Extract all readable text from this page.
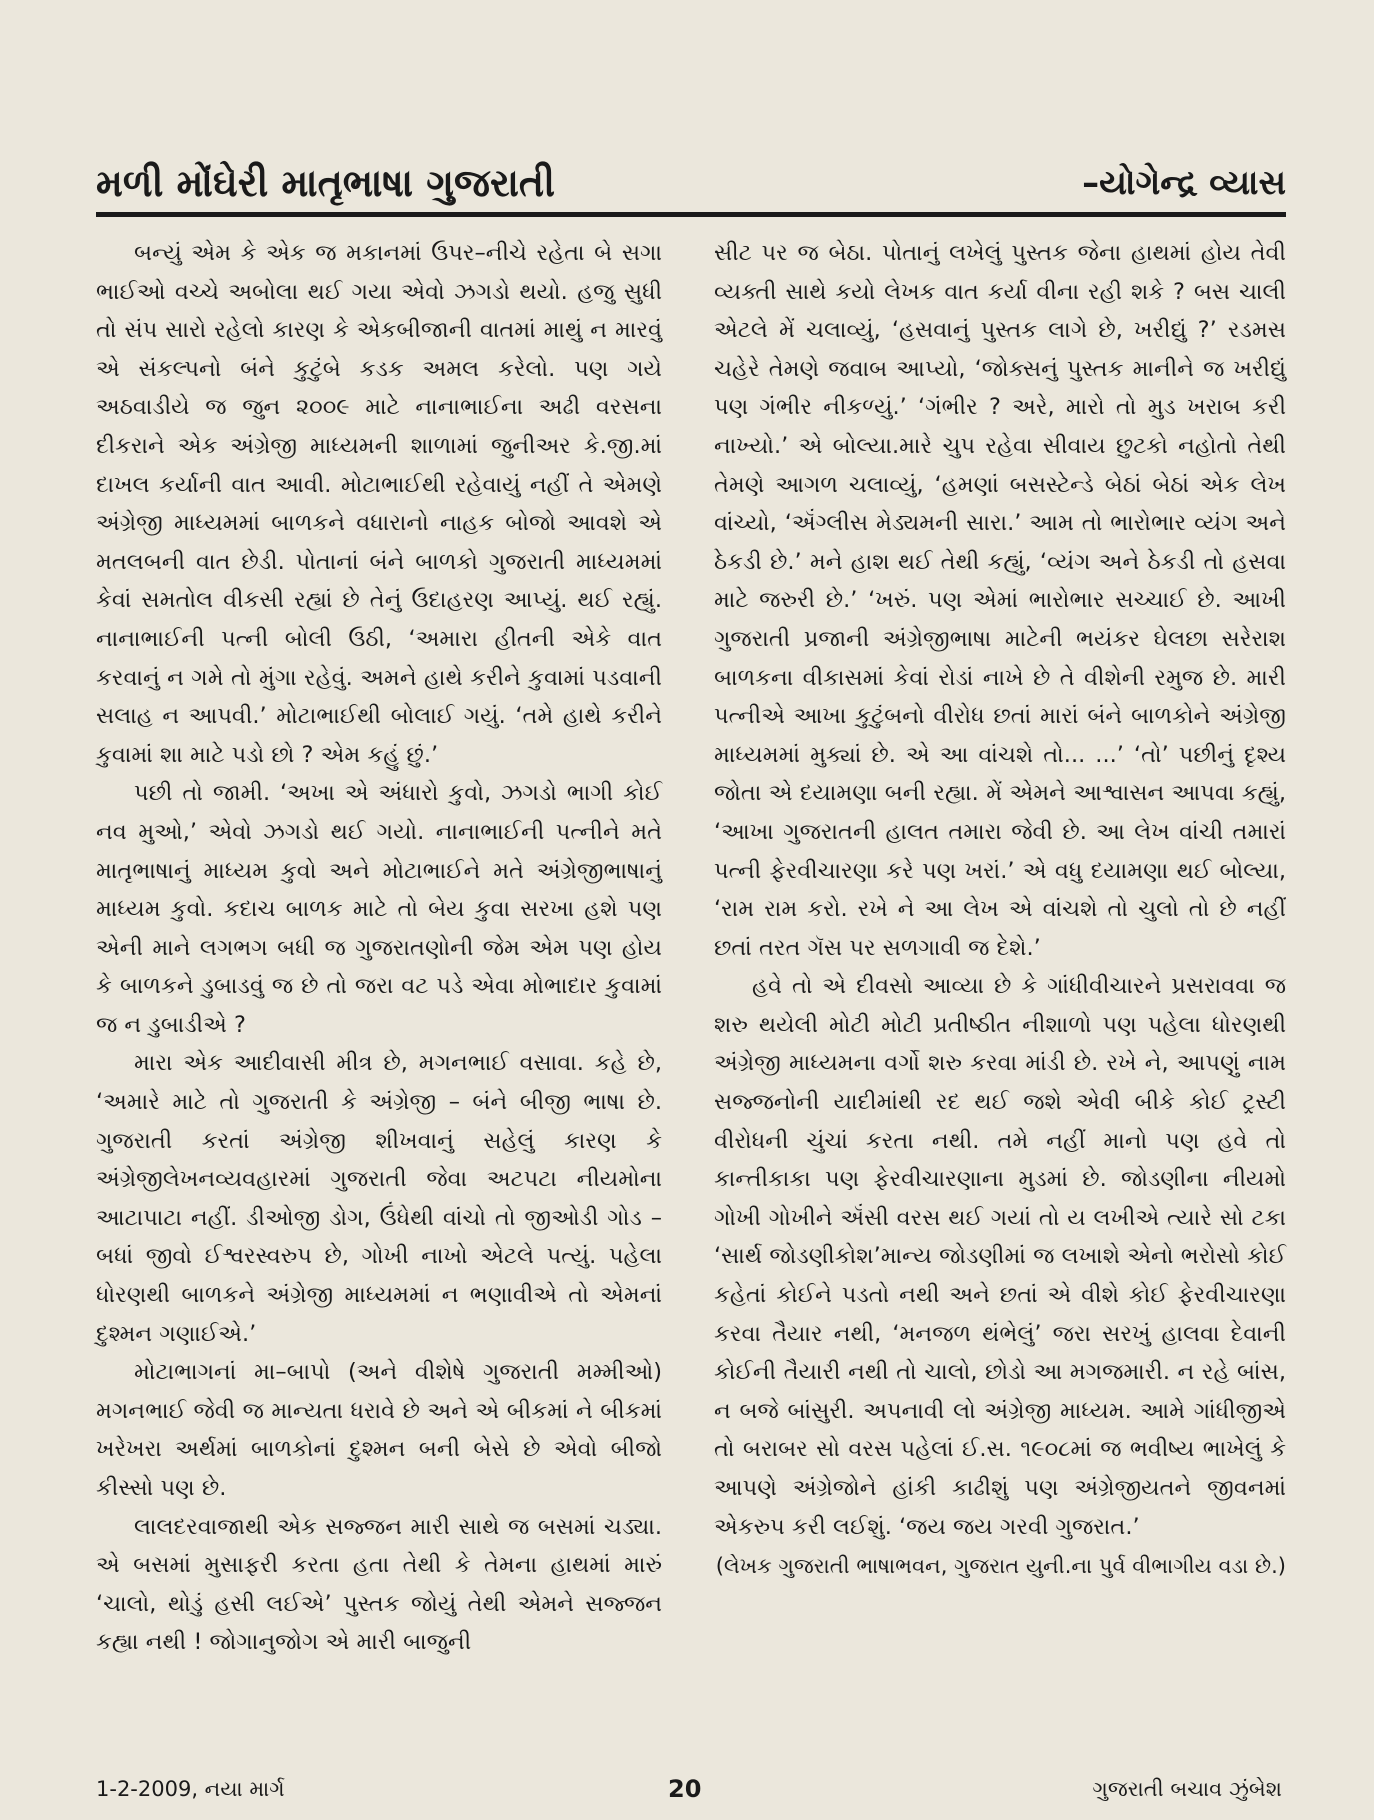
મળી મોંઘેરી માતૃભાષા ગુજરાતી	–યોગેન્દ્ર વ્યાસ

બન્યું એમ કે એક જ મકાનમાં ઉપર–નીચે રહેતા બે સગા ભાઈઓ વચ્ચે અબોલા થઈ ગયા એવો ઝગડો થયો. હજુ સુધી તો સંપ સારો રહેલો કારણ કે એકબીજાની વાતમાં માથું ન મારવું એ સંકલ્પનો બંને કુટુંબે કડક અમલ કરેલો. પણ ગયે અઠવાડીયે જ જુન ૨૦૦૯ માટે નાનાભાઈના અઢી વરસના દીકરાને એક અંગ્રેજી માધ્યમની શાળામાં જુનીઅર કે.જી.માં દાખલ કર્યાની વાત આવી. મોટાભાઈથી રહેવાયું નહીં તે એમણે અંગ્રેજી માધ્યમમાં બાળકને વધારાનો નાહક બોજો આવશે એ મતલબની વાત છેડી. પોતાનાં બંને બાળકો ગુજરાતી માધ્યમમાં કેવાં સમતોલ વીકસી રહ્યાં છે તેનું ઉદાહરણ આપ્યું. થઈ રહ્યું. નાનાભાઈની પત્ની બોલી ઉઠી, ‘અમારા હીતની એકે વાત કરવાનું ન ગમે તો મુંગા રહેવું. અમને હાથે કરીને કુવામાં પડવાની સલાહ ન આપવી.’ મોટાભાઈથી બોલાઈ ગયું. ‘તમે હાથે કરીને કુવામાં શા માટે પડો છો ? એમ કહું છું.’

પછી તો જામી. ‘અખા એ અંધારો કુવો, ઝગડો ભાગી કોઈ નવ મુઓ,’ એવો ઝગડો થઈ ગયો. નાનાભાઈની પત્નીને મતે માતૃભાષાનું માધ્યમ કુવો અને મોટાભાઈને મતે અંગ્રેજીભાષાનું માધ્યમ કુવો. કદાચ બાળક માટે તો બેય કુવા સરખા હશે પણ એની માને લગભગ બધી જ ગુજરાતણોની જેમ એમ પણ હોય કે બાળકને ડુબાડવું જ છે તો જરા વટ પડે એવા મોભાદાર કુવામાં જ ન ડુબાડીએ ?

મારા એક આદીવાસી મીત્ર છે, મગનભાઈ વસાવા. કહે છે, ‘અમારે માટે તો ગુજરાતી કે અંગ્રેજી – બંને બીજી ભાષા છે. ગુજરાતી કરતાં અંગ્રેજી શીખવાનું સહેલું કારણ કે અંગ્રેજીલેખનવ્યવહારમાં ગુજરાતી જેવા અટપટા નીયમોના આટાપાટા નહીં. ડીઓજી ડોગ, ઉંધેથી વાંચો તો જીઓડી ગોડ – બધાં જીવો ઈશ્વરસ્વરુપ છે, ગોખી નાખો એટલે પત્યું. પહેલા ધોરણથી બાળકને અંગ્રેજી માધ્યમમાં ન ભણાવીએ તો એમનાં દુશ્મન ગણાઈએ.’

મોટાભાગનાં મા–બાપો (અને વીશેષે ગુજરાતી મમ્મીઓ) મગનભાઈ જેવી જ માન્યતા ધરાવે છે અને એ બીકમાં ને બીકમાં ખરેખરા અર્થમાં બાળકોનાં દુશ્મન બની બેસે છે એવો બીજો કીસ્સો પણ છે.

લાલદરવાજાથી એક સજ્જન મારી સાથે જ બસમાં ચડ્યા. એ બસમાં મુસાફરી કરતા હતા તેથી કે તેમના હાથમાં મારું ‘ચાલો, થોડું હસી લઈએ’ પુસ્તક જોયું તેથી એમને સજ્જન કહ્યા નથી ! જોગાનુજોગ એ મારી બાજુની

સીટ પર જ બેઠા. પોતાનું લખેલું પુસ્તક જેના હાથમાં હોય તેવી વ્યક્તી સાથે કયો લેખક વાત કર્યા વીના રહી શકે ? બસ ચાલી એટલે મેં ચલાવ્યું, ‘હસવાનું પુસ્તક લાગે છે, ખરીદ્યું ?’ રડમસ ચહેરે તેમણે જવાબ આપ્યો, ‘જોક્સનું પુસ્તક માનીને જ ખરીદ્યું પણ ગંભીર નીકળ્યું.’ ‘ગંભીર ? અરે, મારો તો મુડ ખરાબ કરી નાખ્યો.’ એ બોલ્યા.મારે ચુપ રહેવા સીવાય છુટકો નહોતો તેથી તેમણે આગળ ચલાવ્યું, ‘હમણાં બસસ્ટેન્ડે બેઠાં બેઠાં એક લેખ વાંચ્યો, ‘ઍંગ્લીસ મેડ્યમની સારા.’ આમ તો ભારોભાર વ્યંગ અને ઠેકડી છે.’ મને હાશ થઈ તેથી કહ્યું, ‘વ્યંગ અને ઠેકડી તો હસવા માટે જરુરી છે.’ ‘ખરું. પણ એમાં ભારોભાર સચ્ચાઈ છે. આખી ગુજરાતી પ્રજાની અંગ્રેજીભાષા માટેની ભયંકર ઘેલછા સરેરાશ બાળકના વીકાસમાં કેવાં રોડાં નાખે છે તે વીશેની રમુજ છે. મારી પત્નીએ આખા કુટુંબનો વીરોધ છતાં મારાં બંને બાળકોને અંગ્રેજી માધ્યમમાં મુક્યાં છે. એ આ વાંચશે તો... ...’ ‘તો’ પછીનું દૃશ્ય જોતા એ દયામણા બની રહ્યા. મેં એમને આશ્વાસન આપવા કહ્યું, ‘આખા ગુજરાતની હાલત તમારા જેવી છે. આ લેખ વાંચી તમારાં પત્ની ફેરવીચારણા કરે પણ ખરાં.’ એ વધુ દયામણા થઈ બોલ્યા, ‘રામ રામ કરો. રખે ને આ લેખ એ વાંચશે તો ચુલો તો છે નહીં છતાં તરત ગૅસ પર સળગાવી જ દેશે.’

હવે તો એ દીવસો આવ્યા છે કે ગાંધીવીચારને પ્રસરાવવા જ શરુ થયેલી મોટી મોટી પ્રતીષ્ઠીત નીશાળો પણ પહેલા ધોરણથી અંગ્રેજી માધ્યમના વર્ગો શરુ કરવા માંડી છે. રખે ને, આપણું નામ સજ્જનોની યાદીમાંથી રદ થઈ જશે એવી બીકે કોઈ ટ્રસ્ટી વીરોધની ચુંચાં કરતા નથી. તમે નહીં માનો પણ હવે તો કાન્તીકાકા પણ ફેરવીચારણાના મુડમાં છે. જોડણીના નીયમો ગોખી ગોખીને ઍંસી વરસ થઈ ગયાં તો ય લખીએ ત્યારે સો ટકા ‘સાર્થ જોડણીકોશ’માન્ય જોડણીમાં જ લખાશે એનો ભરોસો કોઈ કહેતાં કોઈને પડતો નથી અને છતાં એ વીશે કોઈ ફેરવીચારણા કરવા તૈયાર નથી, ‘મનજળ થંભેલું’ જરા સરખું હાલવા દેવાની કોઈની તૈયારી નથી તો ચાલો, છોડો આ મગજમારી. ન રહે બાંસ, ન બજે બાંસુરી. અપનાવી લો અંગ્રેજી માધ્યમ. આમે ગાંધીજીએ તો બરાબર સો વરસ પહેલાં ઈ.સ. ૧૯૦૮માં જ ભવીષ્ય ભાખેલું કે આપણે અંગ્રેજોને હાંકી કાઢીશું પણ અંગ્રેજીયતને જીવનમાં એકરુપ કરી લઈશું. ‘જય જય ગરવી ગુજરાત.’

(લેખક ગુજરાતી ભાષાભવન, ગુજરાત યુની.ના પુર્વ વીભાગીય વડા છે.)
1-2-2009, નયા માર્ગ	20	ગુજરાતી બચાવ ઝુંબેશ
